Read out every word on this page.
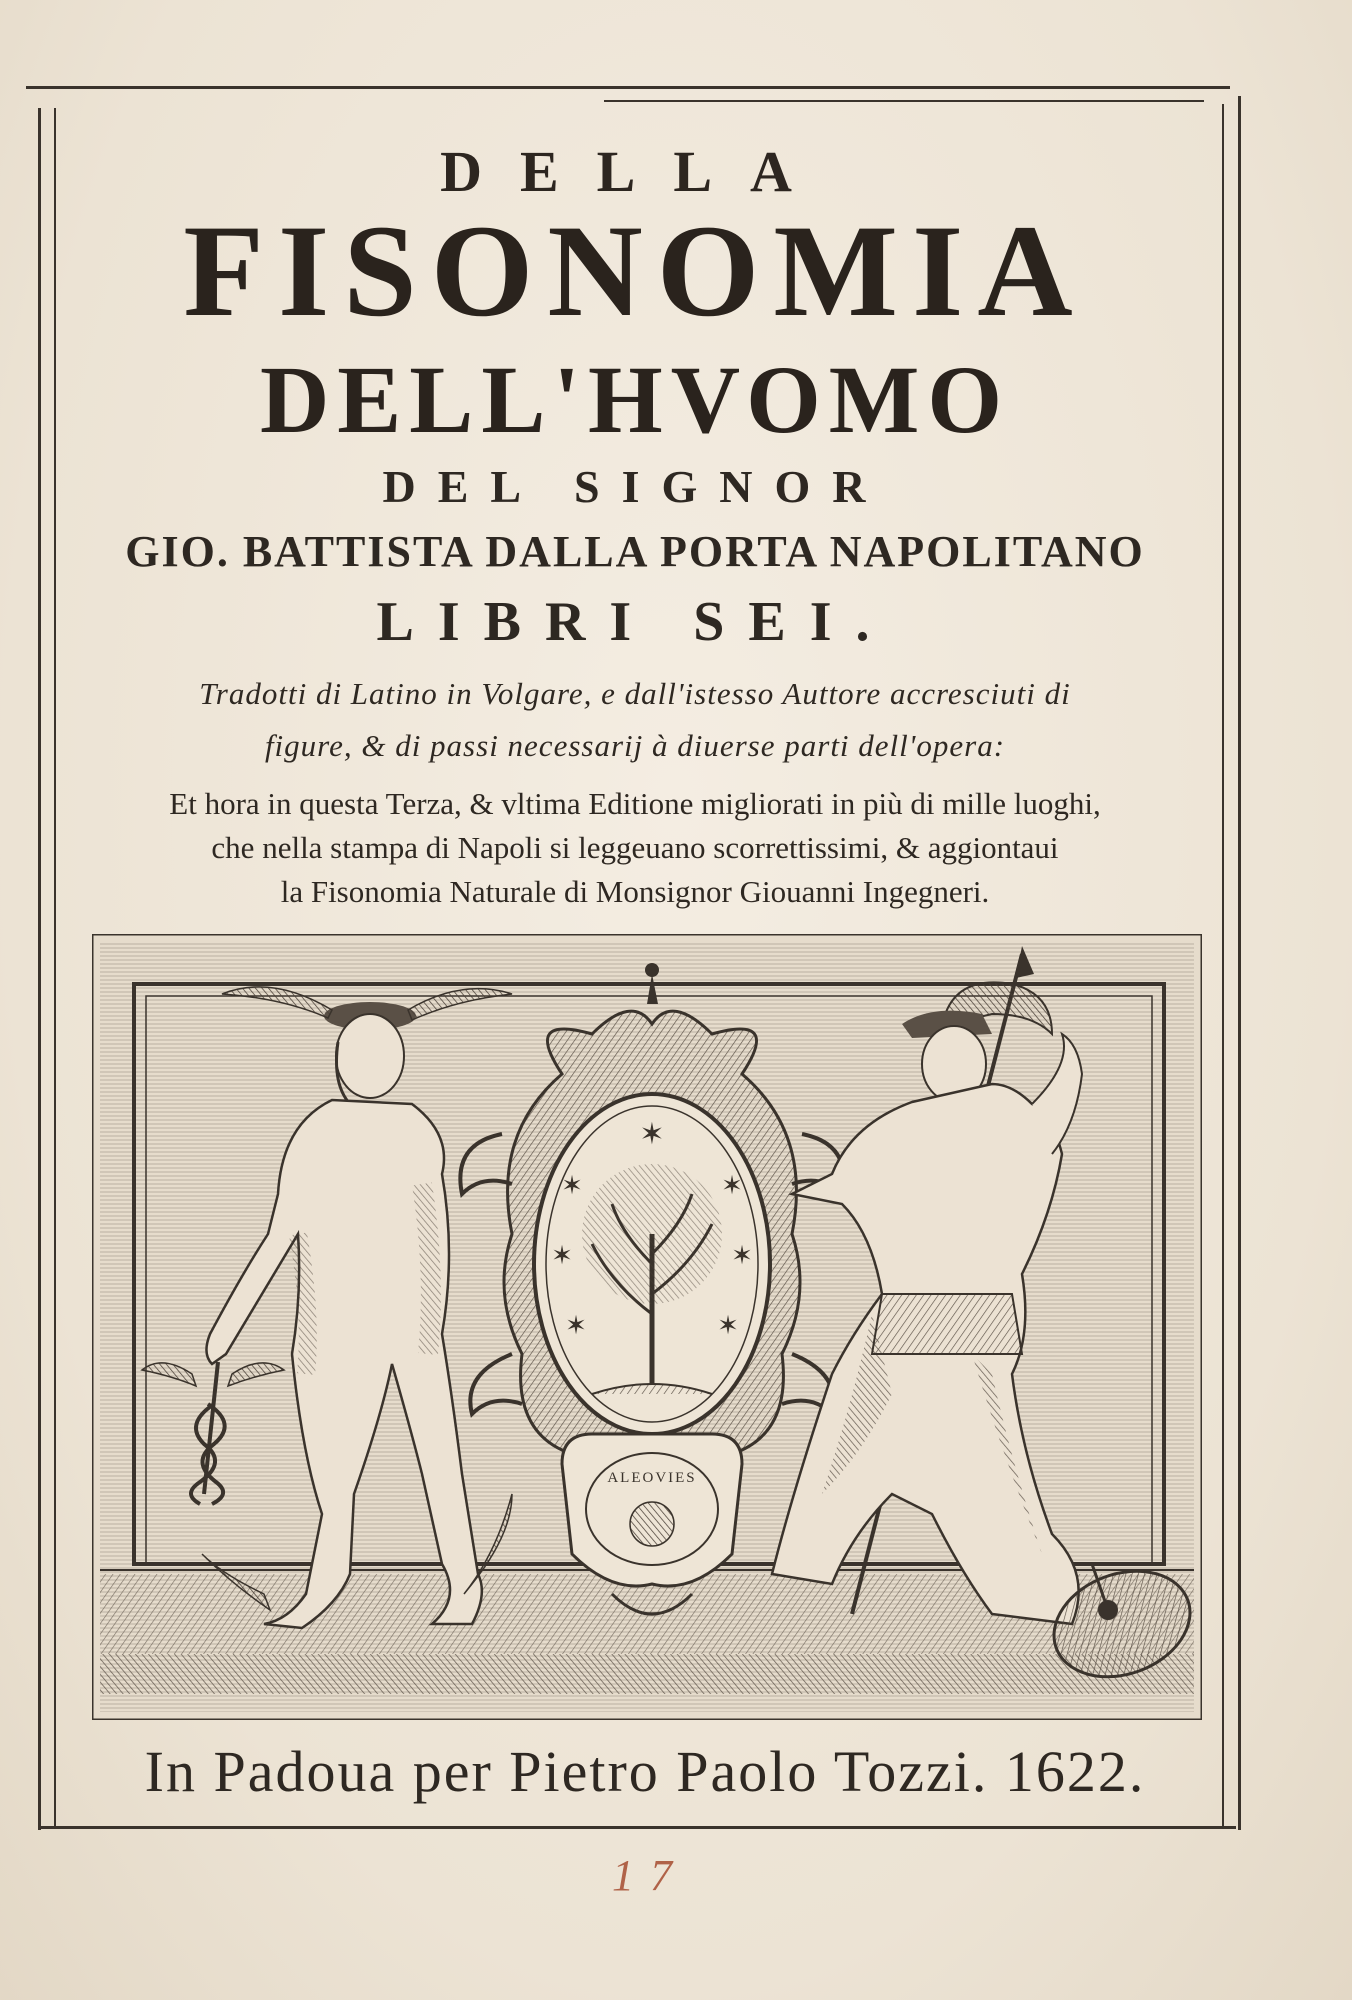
DELLA
FISONOMIA
DELL'HVOMO
DEL SIGNOR
GIO. BATTISTA DALLA PORTA NAPOLITANO
LIBRI SEI.
Tradotti di Latino in Volgare, e dall'istesso Auttore accresciuti di
figure, & di passi necessarij à diuerse parti dell'opera:
Et hora in questa Terza, & vltima Editione migliorati in più di mille luoghi,
che nella stampa di Napoli si leggeuano scorrettissimi, & aggiontaui
la Fisonomia Naturale di Monsignor Giouanni Ingegneri.
✶
✶	✶
✶	✶
✶	✶
ALEOVIES
In Padoua per Pietro Paolo Tozzi. 1622.
17
